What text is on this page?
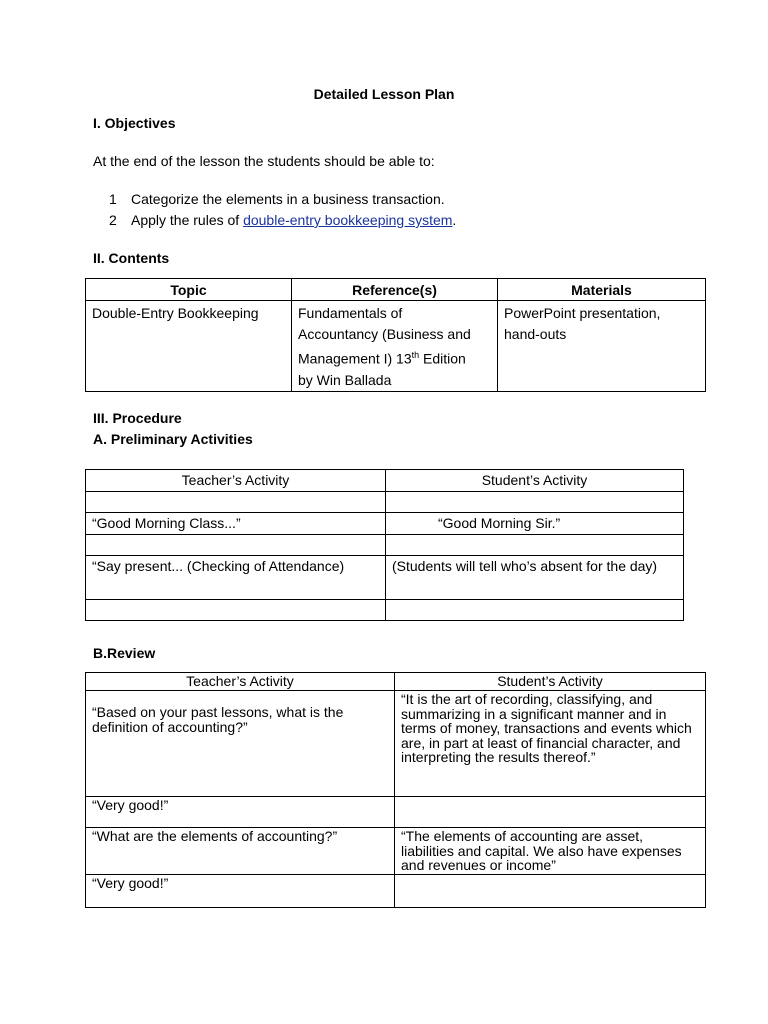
Detailed Lesson Plan
I. Objectives
At the end of the lesson the students should be able to:
1 Categorize the elements in a business transaction.
2 Apply the rules of double-entry bookkeeping system.
II. Contents
Topic	Reference(s)	Materials
Double-Entry Bookkeeping	Fundamentals of
Accountancy (Business and
Management I) 13th Edition
by Win Ballada	PowerPoint presentation, hand-outs
III. Procedure
A. Preliminary Activities
Teacher’s Activity	Student’s Activity

“Good Morning Class...”	“Good Morning Sir.”

“Say present... (Checking of Attendance)	(Students will tell who’s absent for the day)

B.Review
Teacher’s Activity	Student’s Activity
“Based on your past lessons, what is the definition of accounting?”	“It is the art of recording, classifying, and summarizing in a significant manner and in terms of money, transactions and events which are, in part at least of financial character, and interpreting the results thereof.”
“Very good!”	
“What are the elements of accounting?”	“The elements of accounting are asset, liabilities and capital. We also have expenses and revenues or income”
“Very good!”	
